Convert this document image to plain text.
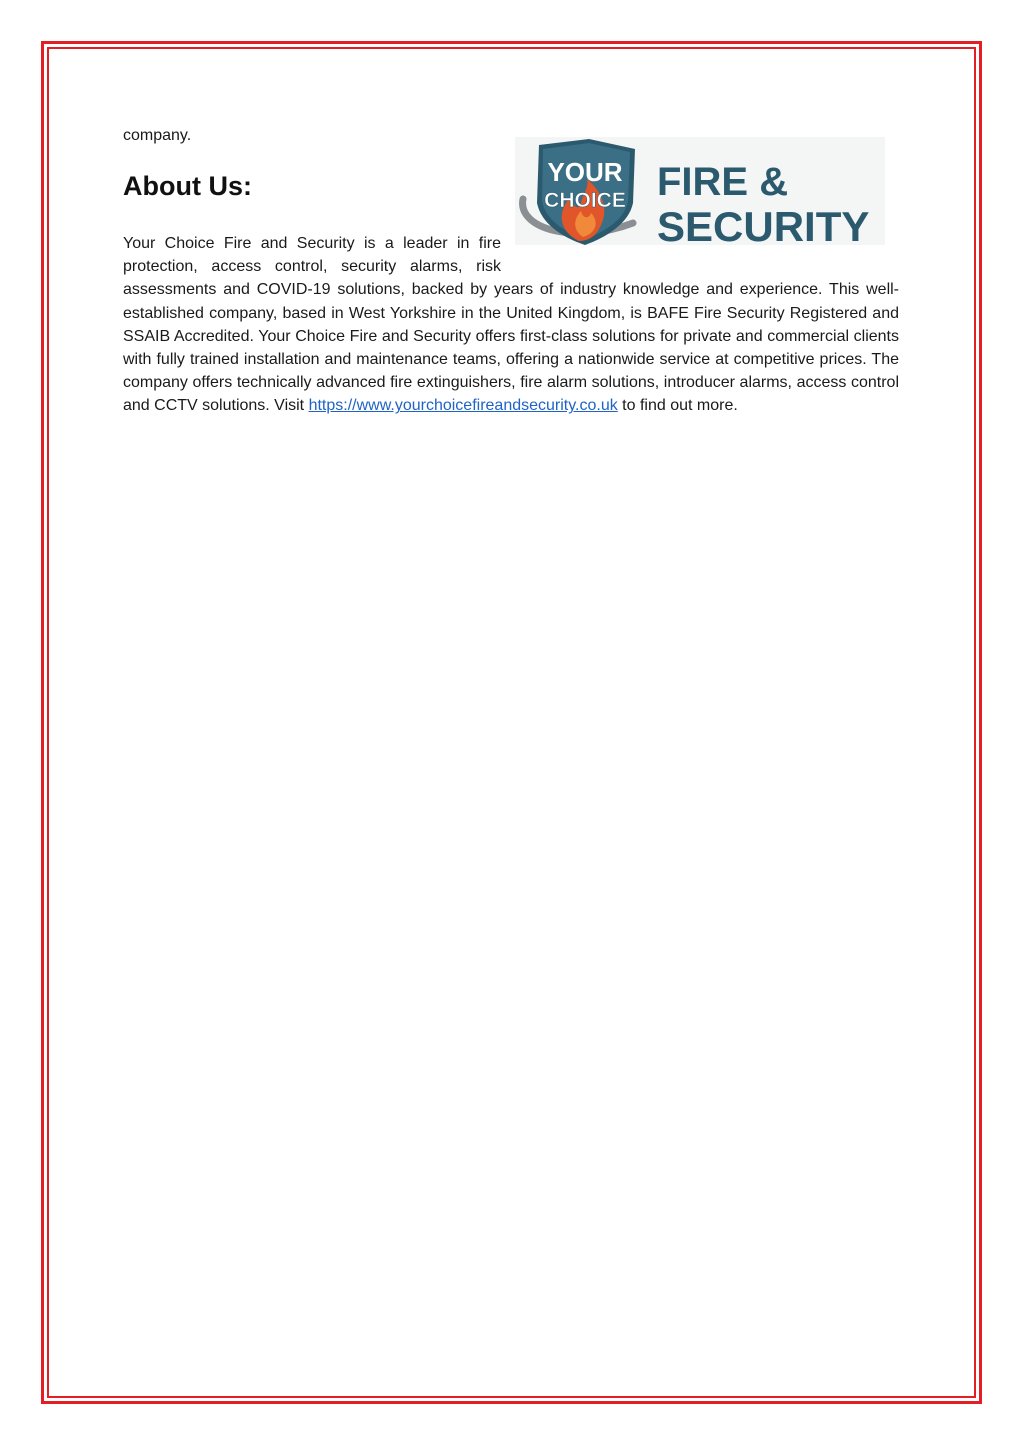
company.

About Us:	YOUR
CHOICE FIRE &
SECURITY

Your Choice Fire and Security is a leader in fire protection, access control, security alarms, risk assessments and COVID-19 solutions, backed by years of industry knowledge and experience. This well-established company, based in West Yorkshire in the United Kingdom, is BAFE Fire Security Registered and SSAIB Accredited. Your Choice Fire and Security offers first-class solutions for private and commercial clients with fully trained installation and maintenance teams, offering a nationwide service at competitive prices. The company offers technically advanced fire extinguishers, fire alarm solutions, introducer alarms, access control and CCTV solutions. Visit https://www.yourchoicefireandsecurity.co.uk to find out more.
